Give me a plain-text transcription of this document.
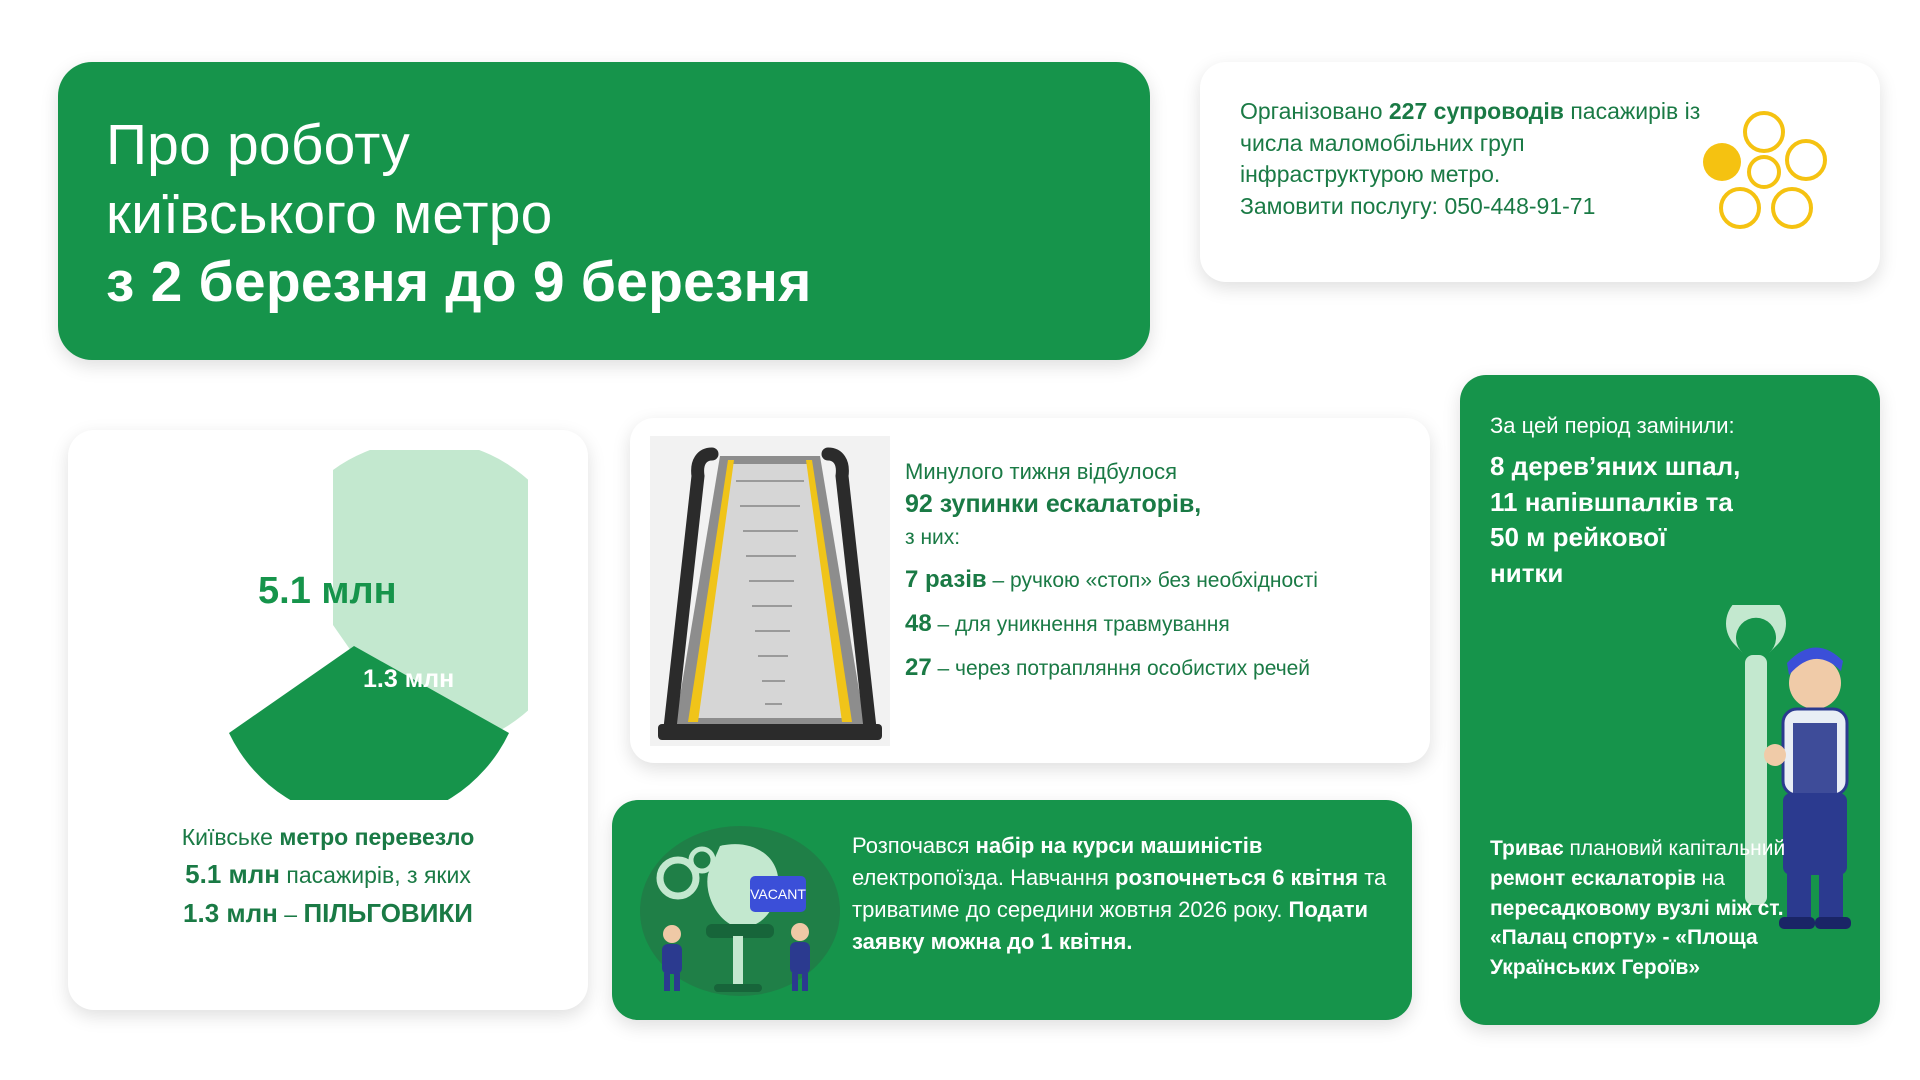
Про роботу
київського метро
з 2 березня до 9 березня
Організовано 227 супроводів пасажирів із числа маломобільних груп інфраструктурою метро.
Замовити послугу: 050-448-91-71
5.1 млн
1.3 млн
Київське метро перевезло
5.1 млн пасажирів, з яких
1.3 млн – ПІЛЬГОВИКИ
Минулого тижня відбулося
92 зупинки ескалаторів,
з них:
7 разів – ручкою «стоп» без необхідності
48 – для уникнення травмування
27 – через потрапляння особистих речей
VACANT
Розпочався набір на курси машиністів електропоїзда. Навчання розпочнеться 6 квітня та триватиме до середини жовтня 2026 року. Подати заявку можна до 1 квітня.
За цей період замінили:
8 дерев’яних шпал,
11 напівшпалків та
50 м рейкової
нитки
Триває плановий капітальний ремонт ескалаторів на пересадковому вузлі між ст. «Палац спорту» - «Площа Українських Героїв»
